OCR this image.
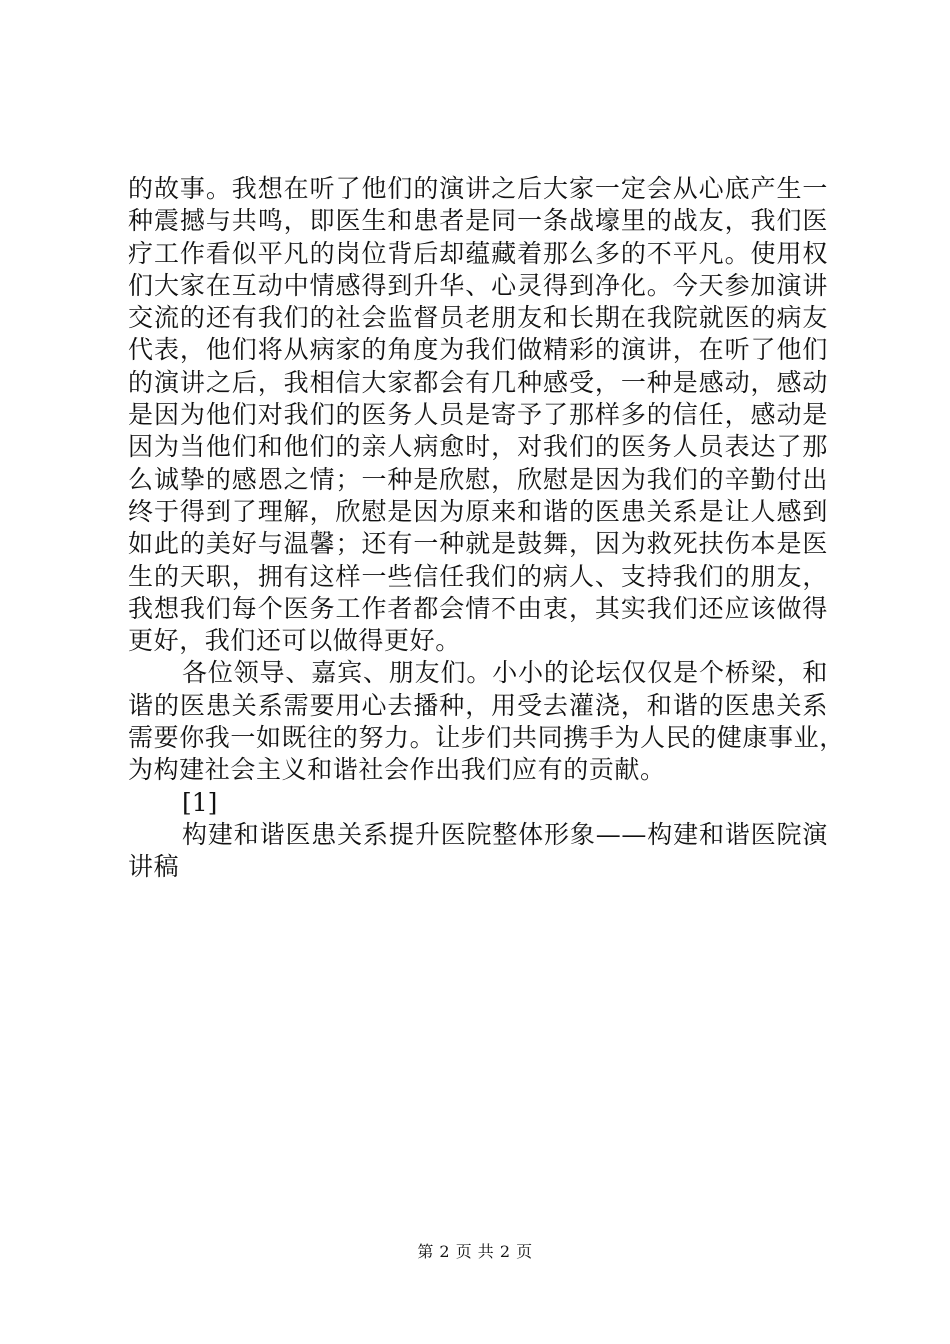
的故事。我想在听了他们的演讲之后大家一定会从心底产生一
种震撼与共鸣，即医生和患者是同一条战壕里的战友，我们医
疗工作看似平凡的岗位背后却蕴藏着那么多的不平凡。使用权
们大家在互动中情感得到升华、心灵得到净化。今天参加演讲
交流的还有我们的社会监督员老朋友和长期在我院就医的病友
代表，他们将从病家的角度为我们做精彩的演讲，在听了他们
的演讲之后，我相信大家都会有几种感受，一种是感动，感动
是因为他们对我们的医务人员是寄予了那样多的信任，感动是
因为当他们和他们的亲人病愈时，对我们的医务人员表达了那
么诚挚的感恩之情；一种是欣慰，欣慰是因为我们的辛勤付出
终于得到了理解，欣慰是因为原来和谐的医患关系是让人感到
如此的美好与温馨；还有一种就是鼓舞，因为救死扶伤本是医
生的天职，拥有这样一些信任我们的病人、支持我们的朋友，
我想我们每个医务工作者都会情不由衷，其实我们还应该做得
更好，我们还可以做得更好。
各位领导、嘉宾、朋友们。小小的论坛仅仅是个桥梁，和
谐的医患关系需要用心去播种，用受去灌浇，和谐的医患关系
需要你我一如既往的努力。让步们共同携手为人民的健康事业，
为构建社会主义和谐社会作出我们应有的贡献。
[1]
构建和谐医患关系提升医院整体形象——构建和谐医院演
讲稿
第 2 页 共 2 页
